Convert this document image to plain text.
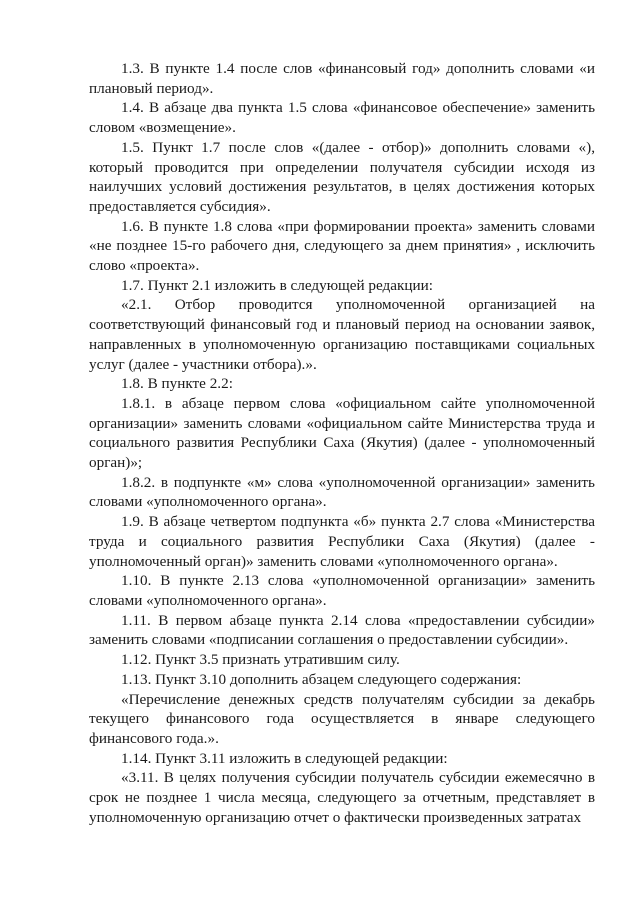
1.3. В пункте 1.4 после слов «финансовый год» дополнить словами «и плановый период».

1.4. В абзаце два пункта 1.5 слова «финансовое обеспечение» заменить словом «возмещение».

1.5. Пункт 1.7 после слов «(далее - отбор)» дополнить словами «), который проводится при определении получателя субсидии исходя из наилучших условий достижения результатов, в целях достижения которых предоставляется субсидия».

1.6. В пункте 1.8 слова «при формировании проекта» заменить словами «не позднее 15-го рабочего дня, следующего за днем принятия» , исключить слово «проекта».

1.7. Пункт 2.1 изложить в следующей редакции:

«2.1. Отбор проводится уполномоченной организацией на соответствующий финансовый год и плановый период на основании заявок, направленных в уполномоченную организацию поставщиками социальных услуг (далее - участники отбора).».

1.8. В пункте 2.2:

1.8.1. в абзаце первом слова «официальном сайте уполномоченной организации» заменить словами «официальном сайте Министерства труда и социального развития Республики Саха (Якутия) (далее - уполномоченный орган)»;

1.8.2. в подпункте «м» слова «уполномоченной организации» заменить словами «уполномоченного органа».

1.9. В абзаце четвертом подпункта «б» пункта 2.7 слова «Министерства труда и социального развития Республики Саха (Якутия) (далее - уполномоченный орган)» заменить словами «уполномоченного органа».

1.10. В пункте 2.13 слова «уполномоченной организации» заменить словами «уполномоченного органа».

1.11. В первом абзаце пункта 2.14 слова «предоставлении субсидии» заменить словами «подписании соглашения о предоставлении субсидии».

1.12. Пункт 3.5 признать утратившим силу.

1.13. Пункт 3.10 дополнить абзацем следующего содержания:

«Перечисление денежных средств получателям субсидии за декабрь текущего финансового года осуществляется в январе следующего финансового года.».

1.14. Пункт 3.11 изложить в следующей редакции:

«3.11. В целях получения субсидии получатель субсидии ежемесячно в срок не позднее 1 числа месяца, следующего за отчетным, представляет в уполномоченную организацию отчет о фактически произведенных затратах
